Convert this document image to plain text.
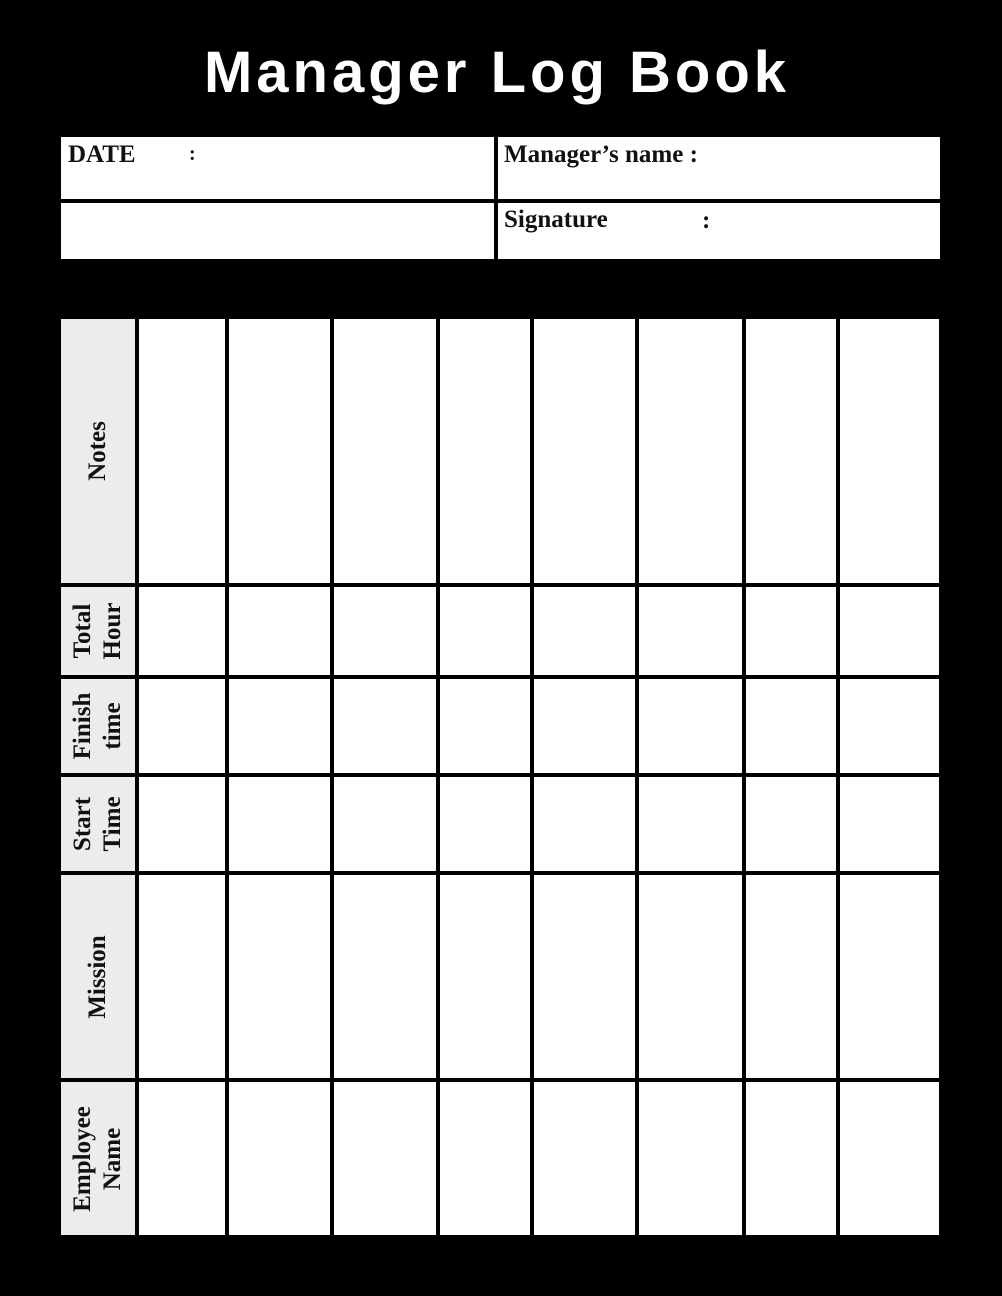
Manager Log Book
DATE	:	Manager’s name :
Signature	:
Notes
Total Hour
Finish time
Start Time
Mission
Employee Name
